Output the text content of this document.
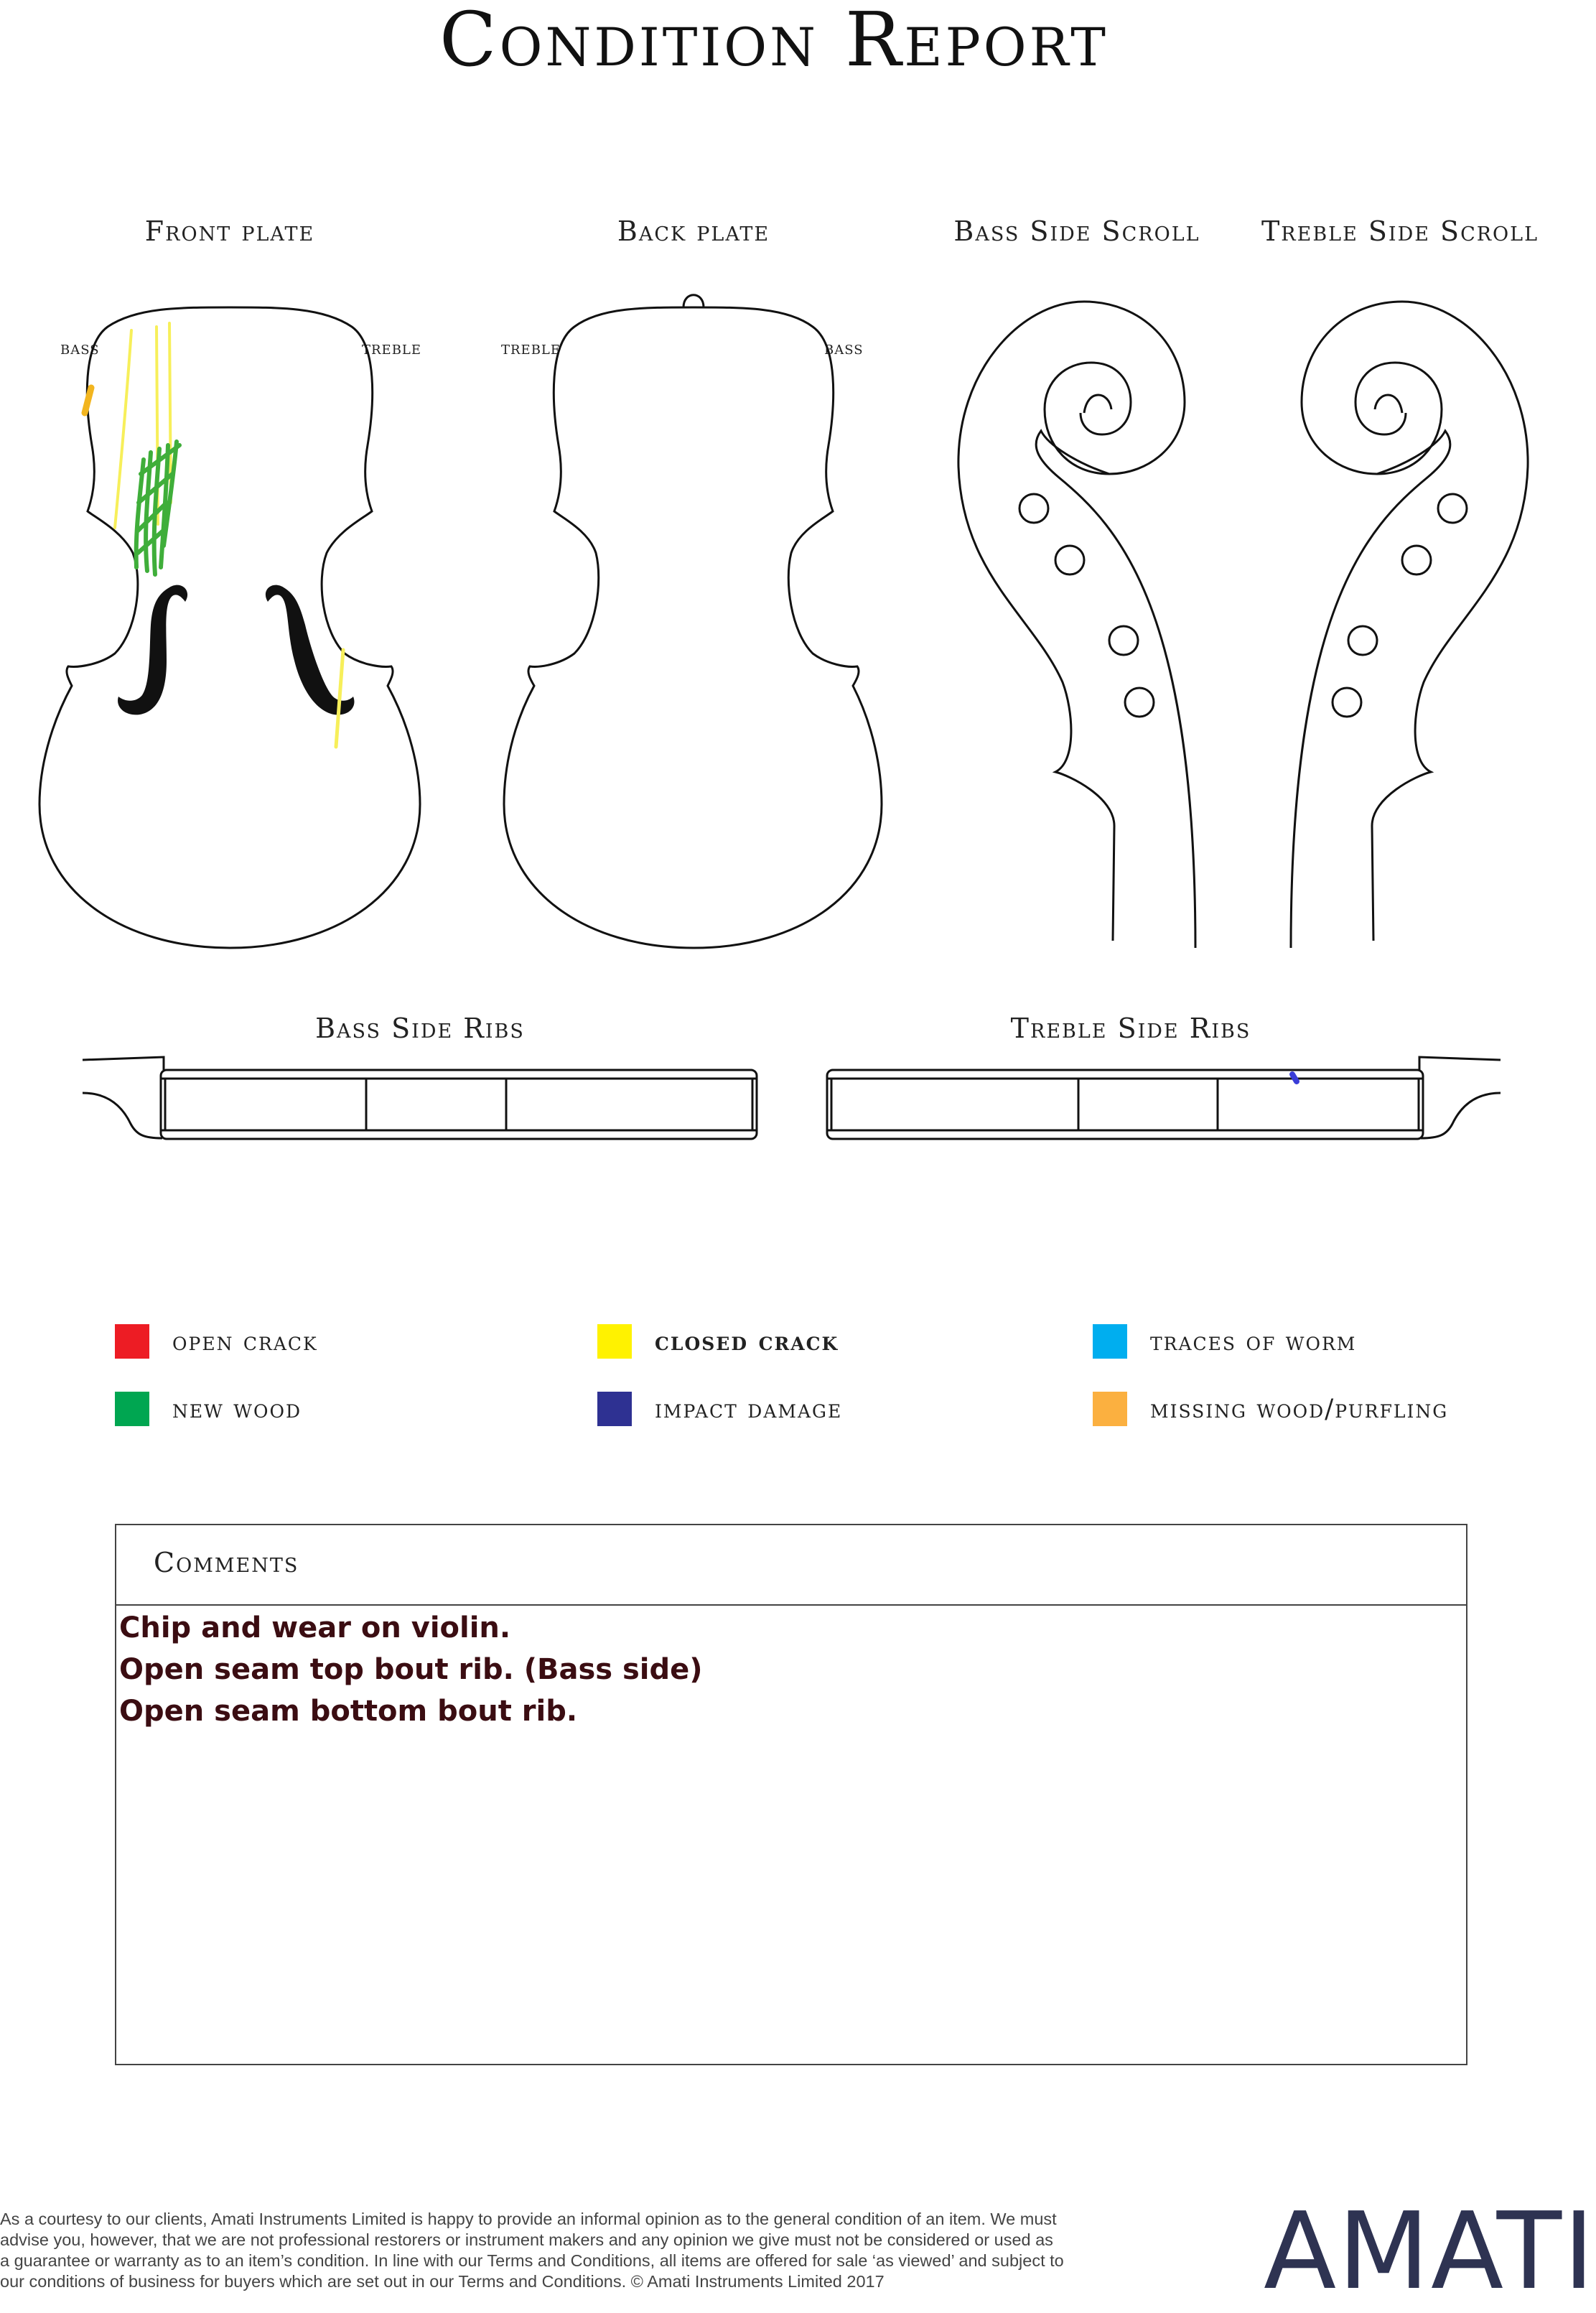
Condition Report
Front plate	Back plate	Bass Side Scroll	Treble Side Scroll
Bass Side Ribs	Treble Side Ribs
bass	treble	treble	bass
open crack	closed crack	traces of worm
new wood	impact damage	missing wood/purfling
Comments
Chip and wear on violin.
Open seam top bout rib. (Bass side)
Open seam bottom bout rib.
As a courtesy to our clients, Amati Instruments Limited is happy to provide an informal opinion as to the general condition of an item. We must
advise you, however, that we are not professional restorers or instrument makers and any opinion we give must not be considered or used as
a guarantee or warranty as to an item’s condition. In line with our Terms and Conditions, all items are offered for sale ‘as viewed’ and subject to
our conditions of business for buyers which are set out in our Terms and Conditions. © Amati Instruments Limited 2017	AMATI
